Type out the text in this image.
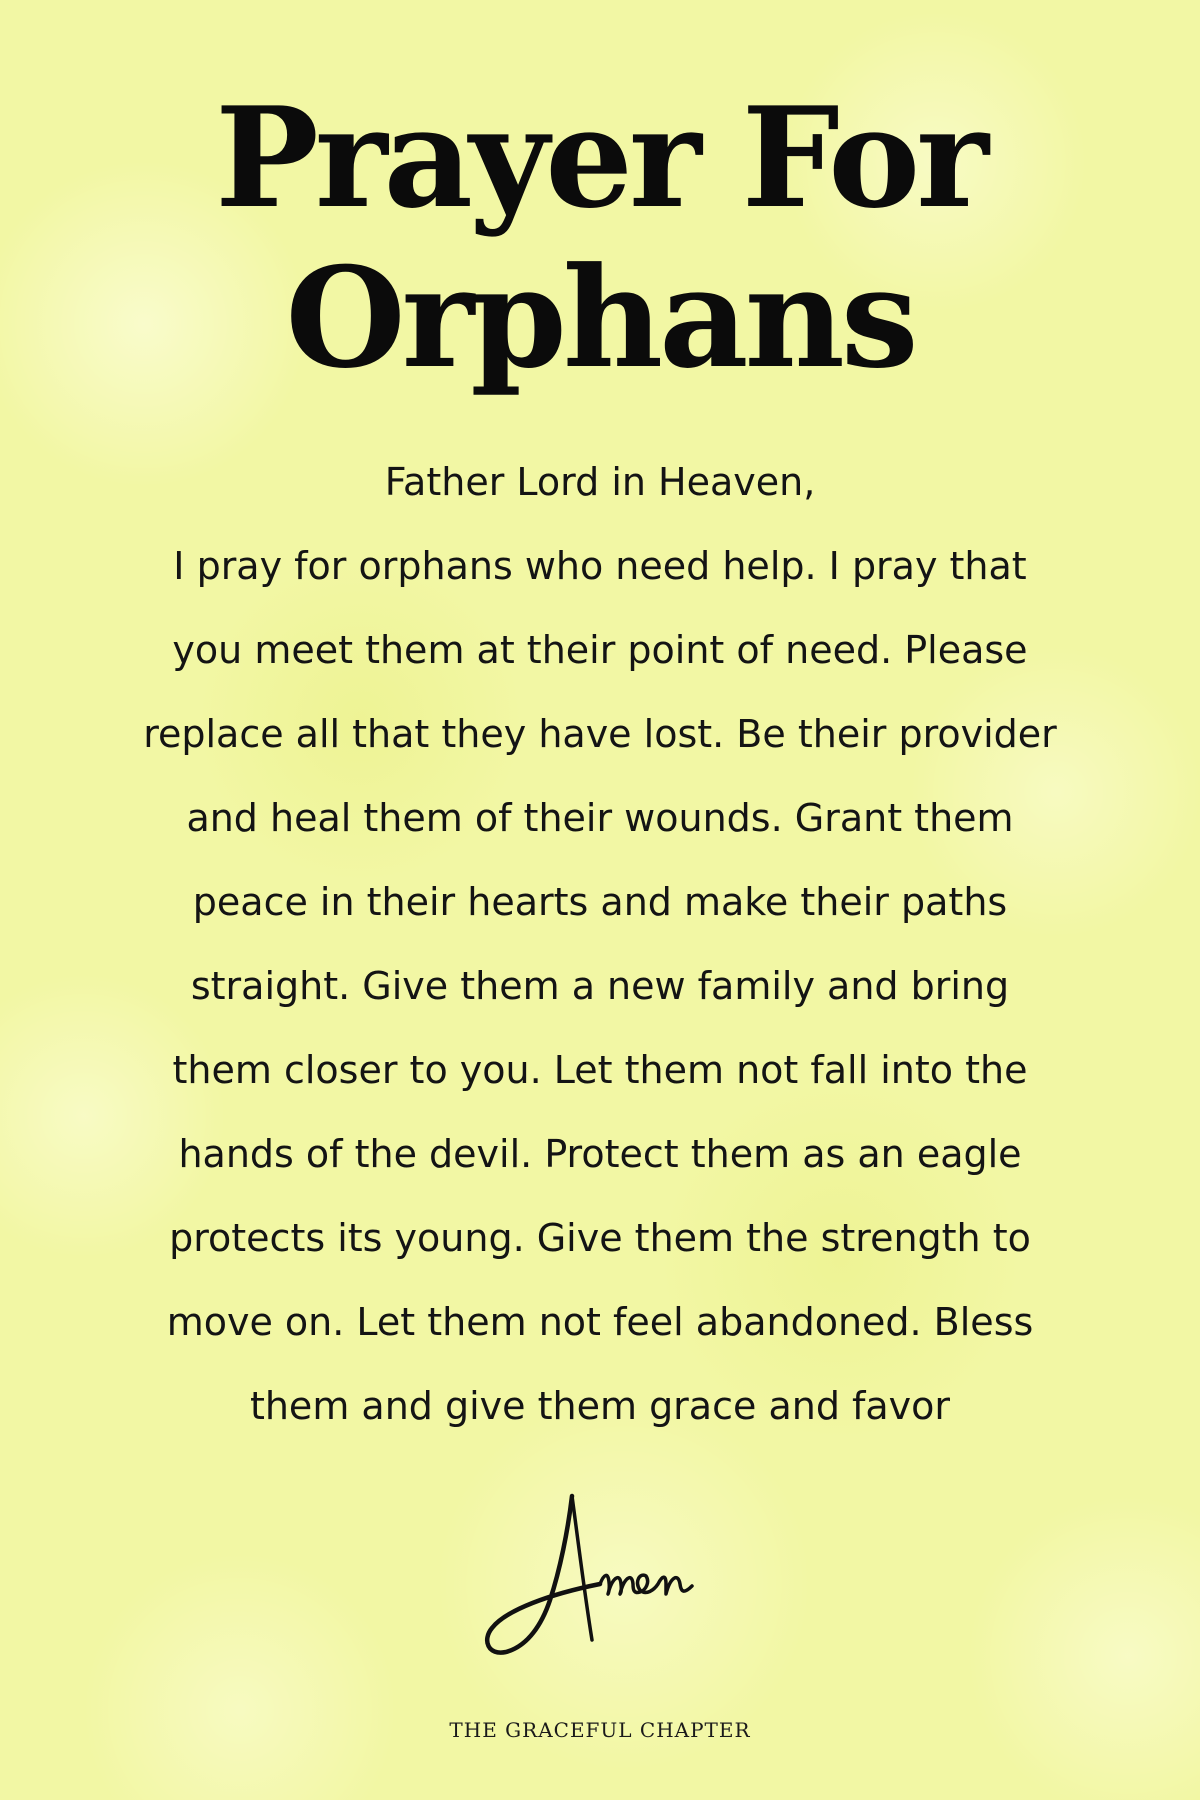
Prayer For
Orphans
Father Lord in Heaven,
I pray for orphans who need help. I pray that
you meet them at their point of need. Please
replace all that they have lost. Be their provider
and heal them of their wounds. Grant them
peace in their hearts and make their paths
straight. Give them a new family and bring
them closer to you. Let them not fall into the
hands of the devil. Protect them as an eagle
protects its young. Give them the strength to
move on. Let them not feel abandoned. Bless
them and give them grace and favor
THE GRACEFUL CHAPTER
